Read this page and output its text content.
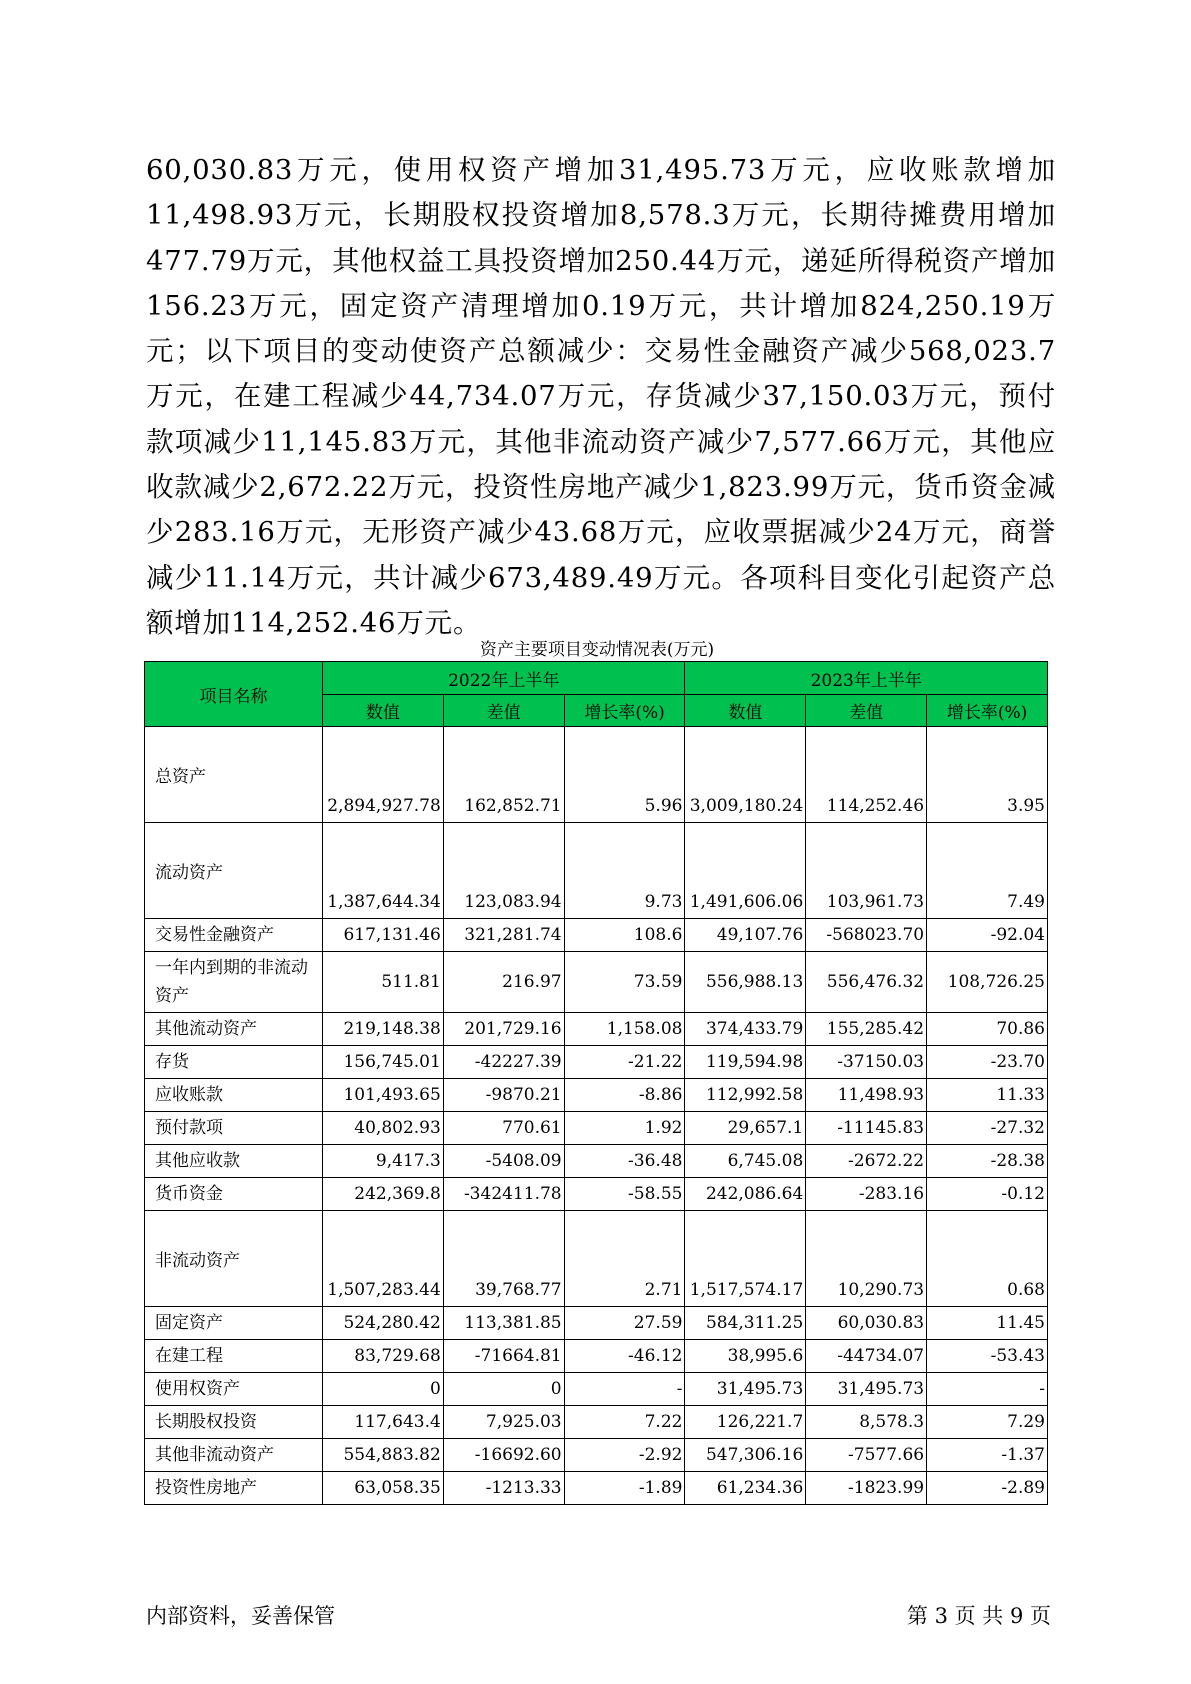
60,030.83万元，使用权资产增加31,495.73万元，应收账款增加11,498.93万元，长期股权投资增加8,578.3万元，长期待摊费用增加477.79万元，其他权益工具投资增加250.44万元，递延所得税资产增加156.23万元，固定资产清理增加0.19万元，共计增加824,250.19万元；以下项目的变动使资产总额减少：交易性金融资产减少568,023.7万元，在建工程减少44,734.07万元，存货减少37,150.03万元，预付款项减少11,145.83万元，其他非流动资产减少7,577.66万元，其他应收款减少2,672.22万元，投资性房地产减少1,823.99万元，货币资金减少283.16万元，无形资产减少43.68万元，应收票据减少24万元，商誉减少11.14万元，共计减少673,489.49万元。各项科目变化引起资产总额增加114,252.46万元。

资产主要项目变动情况表(万元)
项目名称	2022年上半年			2023年上半年		
	数值	差值	增长率(%)	数值	差值	增长率(%)
总资产	2,894,927.78	162,852.71	5.96	3,009,180.24	114,252.46	3.95
流动资产	1,387,644.34	123,083.94	9.73	1,491,606.06	103,961.73	7.49
交易性金融资产	617,131.46	321,281.74	108.6	49,107.76	-568023.70	-92.04
一年内到期的非流动资产	511.81	216.97	73.59	556,988.13	556,476.32	108,726.25
其他流动资产	219,148.38	201,729.16	1,158.08	374,433.79	155,285.42	70.86
存货	156,745.01	-42227.39	-21.22	119,594.98	-37150.03	-23.70
应收账款	101,493.65	-9870.21	-8.86	112,992.58	11,498.93	11.33
预付款项	40,802.93	770.61	1.92	29,657.1	-11145.83	-27.32
其他应收款	9,417.3	-5408.09	-36.48	6,745.08	-2672.22	-28.38
货币资金	242,369.8	-342411.78	-58.55	242,086.64	-283.16	-0.12
非流动资产	1,507,283.44	39,768.77	2.71	1,517,574.17	10,290.73	0.68
固定资产	524,280.42	113,381.85	27.59	584,311.25	60,030.83	11.45
在建工程	83,729.68	-71664.81	-46.12	38,995.6	-44734.07	-53.43
使用权资产	0	0	-	31,495.73	31,495.73	-
长期股权投资	117,643.4	7,925.03	7.22	126,221.7	8,578.3	7.29
其他非流动资产	554,883.82	-16692.60	-2.92	547,306.16	-7577.66	-1.37
投资性房地产	63,058.35	-1213.33	-1.89	61,234.36	-1823.99	-2.89
内部资料，妥善保管	第 3 页 共 9 页
